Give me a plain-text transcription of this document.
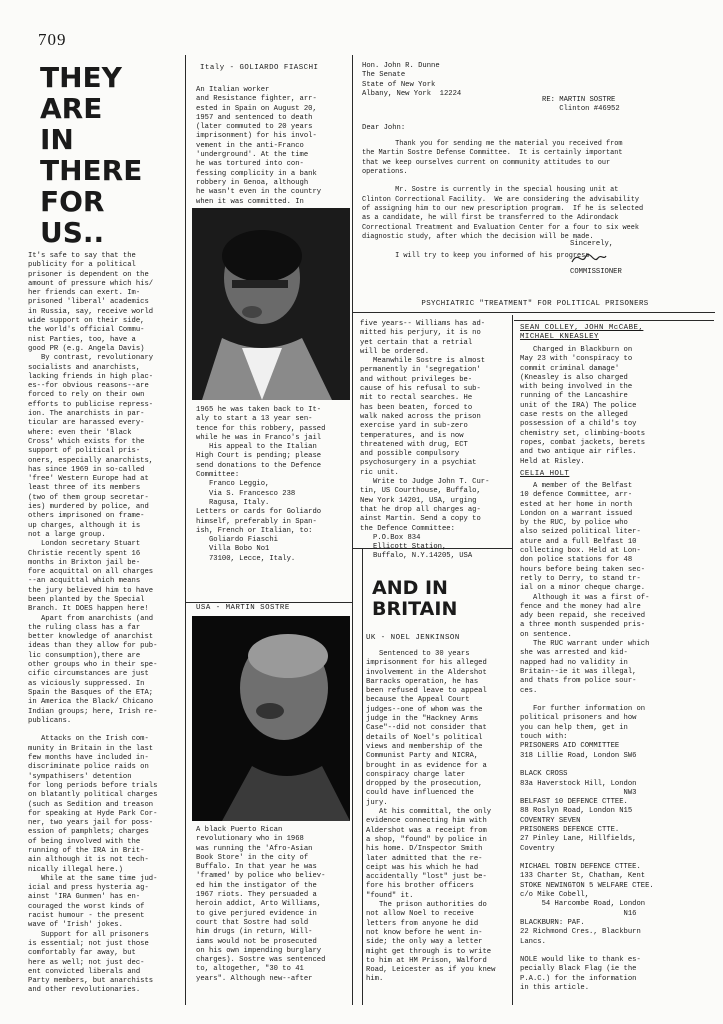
709
THEY
ARE
IN
THERE
FOR
US..
It's safe to say that the
publicity for a political
prisoner is dependent on the
amount of pressure which his/
her friends can exert. Im-
prisoned 'liberal' academics
in Russia, say, receive world
wide support on their side,
the world's official Commu-
nist Parties, too, have a
good PR (e.g. Angela Davis)
By contrast, revolutionary
socialists and anarchists,
lacking friends in high plac-
es--for obvious reasons--are
forced to rely on their own
efforts to publicise repress-
ion. The anarchists in par-
ticular are harassed every-
where: even their 'Black
Cross' which exists for the
support of political pris-
oners, especially anarchists,
has since 1969 in so-called
'free' Western Europe had at
least three of its members
(two of them group secretar-
ies) murdered by police, and
others imprisoned on frame-
up charges, although it is
not a large group.
London secretary Stuart
Christie recently spent 16
months in Brixton jail be-
fore acquittal on all charges
--an acquittal which means
the jury believed him to have
been planted by the Special
Branch. It DOES happen here!
Apart from anarchists (and
the ruling class has a far
better knowledge of anarchist
ideas than they allow for pub-
lic consumption),there are
other groups who in their spe-
cific circumstances are just
as viciously suppressed. In
Spain the Basques of the ETA;
in America the Black/ Chicano
Indian groups; here, Irish re-
publicans.

Attacks on the Irish com-
munity in Britain in the last
few months have included in-
discriminate police raids on
'sympathisers' detention
for long periods before trials
on blatantly political charges
(such as Sedition and treason
for speaking at Hyde Park Cor-
ner, two years jail for poss-
ession of pamphlets; charges
of being involved with the
running of the IRA in Brit-
ain although it is not tech-
nically illegal here.)
While at the same time jud-
icial and press hysteria ag-
ainst 'IRA Gunmen' has en-
couraged the worst kinds of
racist humour - the present
wave of 'Irish' jokes.
Support for all prisoners
is essential; not just those
comfortably far away, but
here as well; not just dec-
ent convicted liberals and
Party members, but anarchists
and other revolutionaries.
Italy - GOLIARDO FIASCHI
An Italian worker
and Resistance fighter, arr-
ested in Spain on August 20,
1957 and sentenced to death
(later commuted to 20 years
imprisonment) for his invol-
vement in the anti-Franco
'underground'. At the time
he was tortured into con-
fessing complicity in a bank
robbery in Genoa, although
he wasn't even in the country
when it was committed. In
1965 he was taken back to It-
aly to start a 13 year sen-
tence for this robbery, passed
while he was in Franco's jail
His appeal to the Italian
High Court is pending; please
send donations to the Defence
Committee:
Franco Leggio,
Via S. Francesco 238
Ragusa, Italy.
Letters or cards for Goliardo
himself, preferably in Span-
ish, French or Italian, to:
Goliardo Fiaschi
Villa Bobo No1
73100, Lecce, Italy.
USA - MARTIN SOSTRE
A black Puerto Rican
revolutionary who in 1968
was running the 'Afro-Asian
Book Store' in the city of
Buffalo. In that year he was
'framed' by police who believ-
ed him the instigator of the
1967 riots. They persuaded a
heroin addict, Arto Williams,
to give perjured evidence in
court that Sostre had sold
him drugs (in return, Will-
iams would not be prosecuted
on his own impending burglary
charges). Sostre was sentenced
to, altogether, "30 to 41
years". Although new--after
Hon. John R. Dunne
The Senate
State of New York
Albany, New York  12224
RE: MARTIN SOSTRE
Clinton #46952
Dear John:
Thank you for sending me the material you received from
the Martin Sostre Defense Committee.  It is certainly important
that we keep ourselves current on community attitudes to our
operations.

Mr. Sostre is currently in the special housing unit at
Clinton Correctional Facility.  We are considering the advisability
of assigning him to our new prescription program.  If he is selected
as a candidate, he will first be transferred to the Adirondack
Correctional Treatment and Evaluation Center for a four to six week
diagnostic study, after which the decision will be made.

I will try to keep you informed of his progress.
Sincerely,
COMMISSIONER
PSYCHIATRIC "TREATMENT" FOR POLITICAL PRISONERS
five years-- Williams has ad-
mitted his perjury, it is no
yet certain that a retrial
will be ordered.
Meanwhile Sostre is almost
permanently in 'segregation'
and without privileges be-
cause of his refusal to sub-
mit to rectal searches. He
has been beaten, forced to
walk naked across the prison
exercise yard in sub-zero
temperatures, and is now
threatened with drug, ECT
and possible compulsory
psychosurgery in a psychiat
ric unit.
Write to Judge John T. Cur-
tin, US Courthouse, Buffalo,
New York 14201, USA, urging
that he drop all charges ag-
ainst Martin. Send a copy to
the Defence Committee:
P.O.Box 834
Ellicott Station,
Buffalo, N.Y.14205, USA
AND IN
BRITAIN
UK - NOEL JENKINSON
Sentenced to 30 years
imprisonment for his alleged
involvement in the Aldershot
Barracks operation, he has
been refused leave to appeal
because the Appeal Court
judges--one of whom was the
judge in the "Hackney Arms
Case"--did not consider that
details of Noel's political
views and membership of the
Communist Party and NICRA,
brought in as evidence for a
conspiracy charge later
dropped by the prosecution,
could have influenced the
jury.
At his committal, the only
evidence connecting him with
Aldershot was a receipt from
a shop, "found" by police in
his home. D/Inspector Smith
later admitted that the re-
ceipt was his which he had
accidentally "lost" just be-
fore his brother officers
"found" it.
The prison authorities do
not allow Noel to receive
letters from anyone he did
not know before he went in-
side; the only way a letter
might get through is to write
to him at HM Prison, Walford
Road, Leicester as if you knew
him.
SEAN COLLEY, JOHN McCABE,
MICHAEL KNEASLEY
Charged in Blackburn on
May 23 with 'conspiracy to
commit criminal damage'
(Kneasley is also charged
with being involved in the
running of the Lancashire
unit of the IRA) The police
case rests on the alleged
possession of a child's toy
chemistry set, climbing-boots
ropes, combat jackets, berets
and two antique air rifles.
Held at Risley.
CELIA HOLT
A member of the Belfast
10 defence Committee, arr-
ested at her home in north
London on a warrant issued
by the RUC, by police who
also seized political liter-
ature and a full Belfast 10
collecting box. Held at Lon-
don police stations for 48
hours before being taken sec-
retly to Derry, to stand tr-
ial on a minor cheque charge.
Although it was a first of-
fence and the money had alre
ady been repaid, she received
a three month suspended pris-
on sentence.
The RUC warrant under which
she was arrested and kid-
napped had no validity in
Britain--ie it was illegal,
and thats from police sour-
ces.

For further information on
political prisoners and how
you can help them, get in
touch with:
PRISONERS AID COMMITTEE
318 Lillie Road, London SW6

BLACK CROSS
83a Haverstock Hill, London
NW3
BELFAST 10 DEFENCE CTTEE.
88 Roslyn Road, London N15
COVENTRY SEVEN
PRISONERS DEFENCE CTTE.
27 Pinley Lane, Hillfields,
Coventry

MICHAEL TOBIN DEFENCE CTTEE.
133 Charter St, Chatham, Kent
STOKE NEWINGTON 5 WELFARE CTEE.
c/o Mike Cobell,
54 Harcombe Road, London
N16
BLACKBURN: PAF.
22 Richmond Cres., Blackburn
Lancs.

NOLE would like to thank es-
pecially Black Flag (ie the
P.A.C.) for the information
in this article.
